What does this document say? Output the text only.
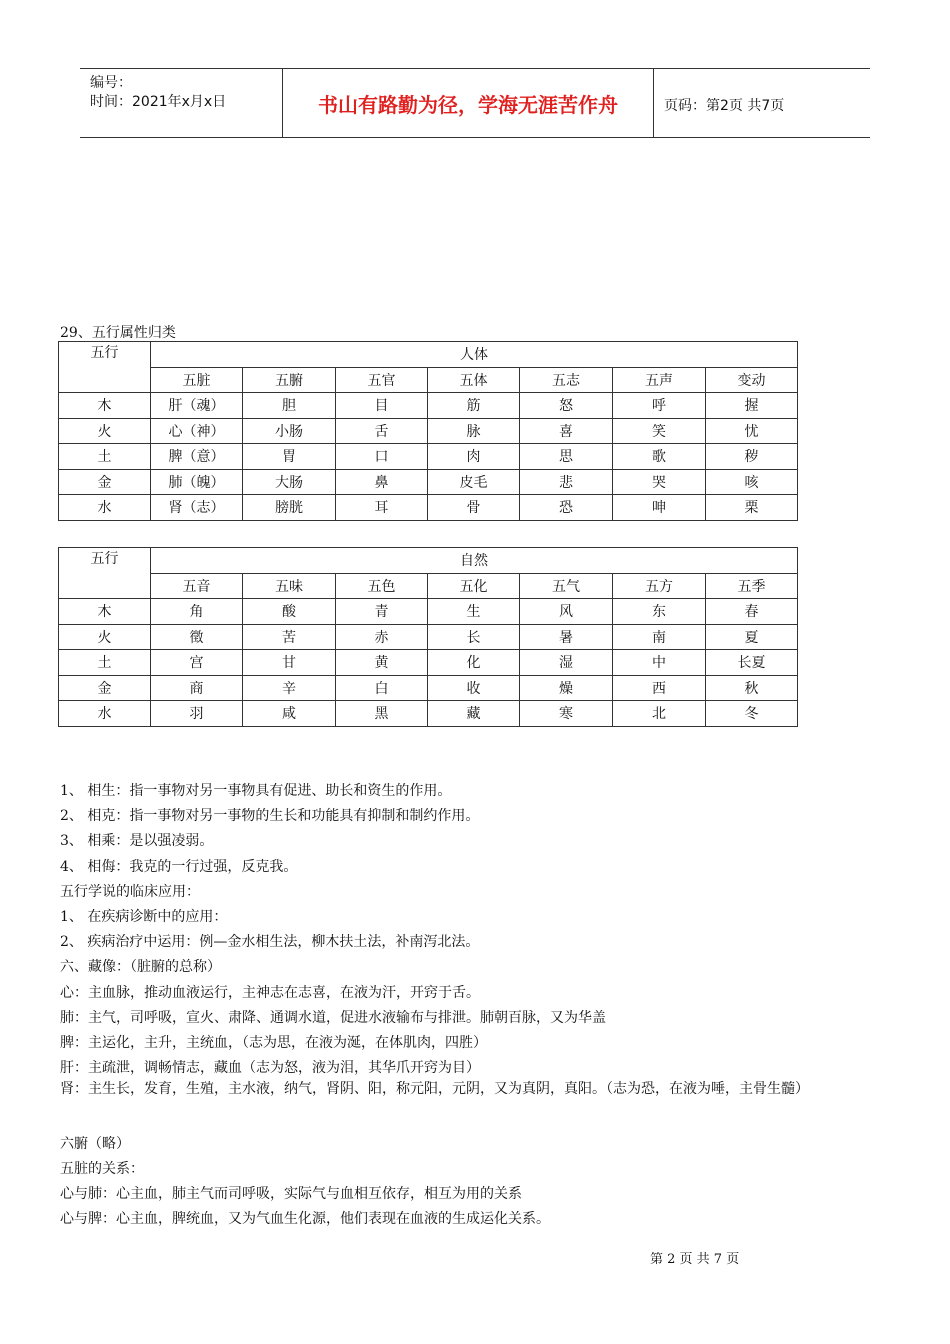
编号：
时间：2021年x月x日	书山有路勤为径，学海无涯苦作舟	页码：第2页 共7页
29、五行属性归类
五行	人体						
	五脏	五腑	五官	五体	五志	五声	变动
木	肝（魂）	胆	目	筋	怒	呼	握
火	心（神）	小肠	舌	脉	喜	笑	忧
土	脾（意）	胃	口	肉	思	歌	秽
金	肺（魄）	大肠	鼻	皮毛	悲	哭	咳
水	肾（志）	膀胱	耳	骨	恐	呻	栗
五行	自然						
	五音	五味	五色	五化	五气	五方	五季
木	角	酸	青	生	风	东	春
火	徵	苦	赤	长	暑	南	夏
土	宫	甘	黄	化	湿	中	长夏
金	商	辛	白	收	燥	西	秋
水	羽	咸	黑	藏	寒	北	冬
1、 相生：指一事物对另一事物具有促进、助长和资生的作用。
2、 相克：指一事物对另一事物的生长和功能具有抑制和制约作用。
3、 相乘：是以强凌弱。
4、 相侮：我克的一行过强，反克我。
五行学说的临床应用：
1、 在疾病诊断中的应用：
2、 疾病治疗中运用：例—金水相生法，柳木扶土法，补南泻北法。
六、藏像：（脏腑的总称）
心：主血脉，推动血液运行，主神志在志喜，在液为汗，开窍于舌。
肺：主气，司呼吸，宣火、肃降、通调水道，促进水液输布与排泄。肺朝百脉，又为华盖
脾：主运化，主升，主统血，（志为思，在液为涎，在体肌肉，四胜）
肝：主疏泄，调畅情志，藏血（志为怒，液为泪，其华爪开窍为目）
肾：主生长，发育，生殖，主水液，纳气，肾阴、阳，称元阳，元阴，又为真阴，真阳。（志为恐，在液为唾，主骨生髓）
六腑（略）
五脏的关系：
心与肺：心主血，肺主气而司呼吸，实际气与血相互依存，相互为用的关系
心与脾：心主血，脾统血，又为气血生化源，他们表现在血液的生成运化关系。
第 2 页 共 7 页
